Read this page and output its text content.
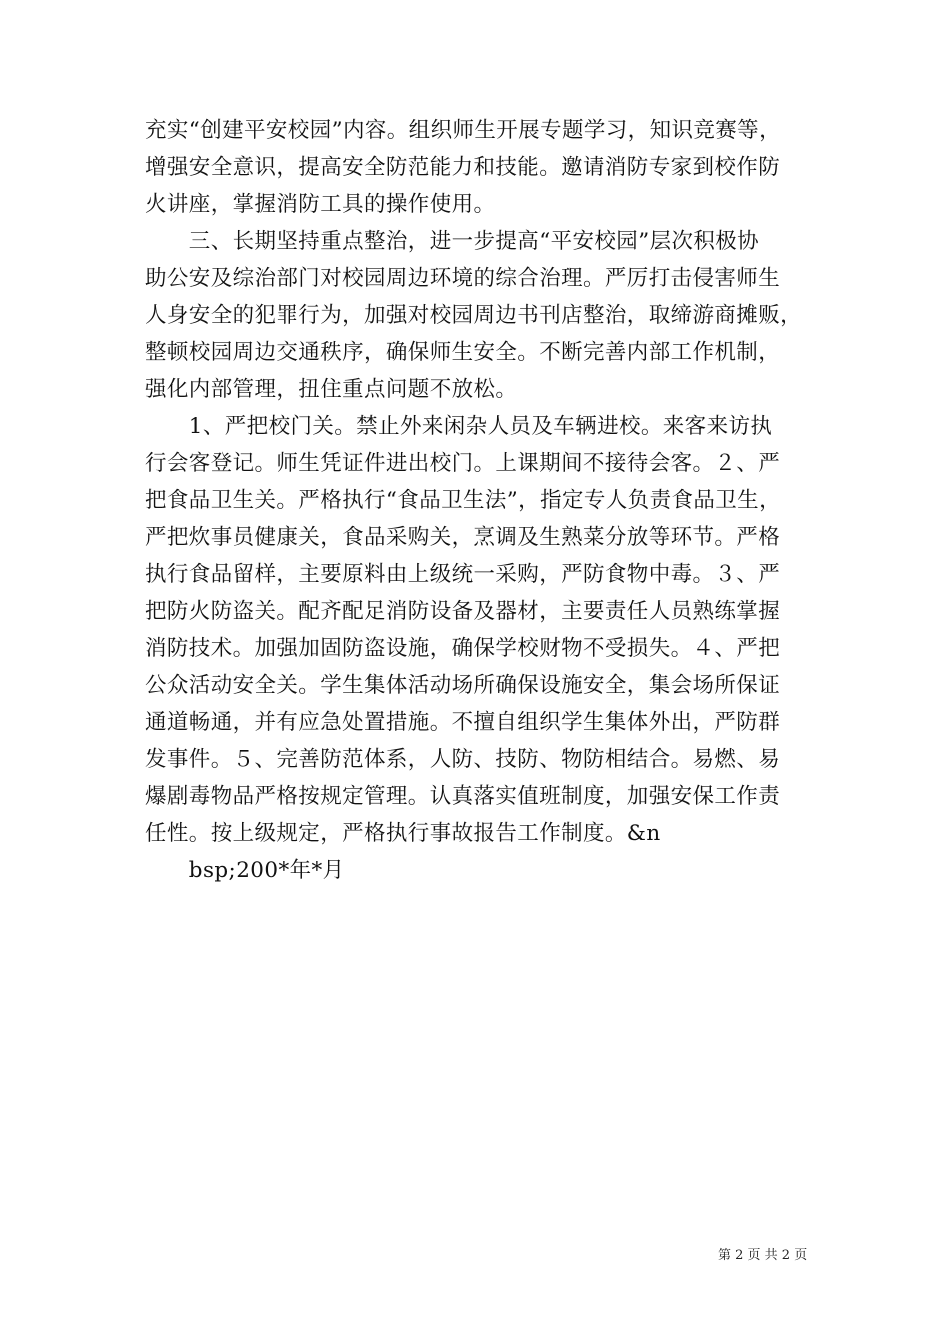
充实“创建平安校园”内容。组织师生开展专题学习，知识竞赛等，
增强安全意识，提高安全防范能力和技能。邀请消防专家到校作防
火讲座，掌握消防工具的操作使用。
　　三、长期坚持重点整治，进一步提高“平安校园”层次积极协
助公安及综治部门对校园周边环境的综合治理。严厉打击侵害师生
人身安全的犯罪行为，加强对校园周边书刊店整治，取缔游商摊贩，
整顿校园周边交通秩序，确保师生安全。不断完善内部工作机制，
强化内部管理，扭住重点问题不放松。
　　1、严把校门关。禁止外来闲杂人员及车辆进校。来客来访执
行会客登记。师生凭证件进出校门。上课期间不接待会客。２、严
把食品卫生关。严格执行“食品卫生法”，指定专人负责食品卫生，
严把炊事员健康关，食品采购关，烹调及生熟菜分放等环节。严格
执行食品留样，主要原料由上级统一采购，严防食物中毒。３、严
把防火防盗关。配齐配足消防设备及器材，主要责任人员熟练掌握
消防技术。加强加固防盗设施，确保学校财物不受损失。４、严把
公众活动安全关。学生集体活动场所确保设施安全，集会场所保证
通道畅通，并有应急处置措施。不擅自组织学生集体外出，严防群
发事件。５、完善防范体系，人防、技防、物防相结合。易燃、易
爆剧毒物品严格按规定管理。认真落实值班制度，加强安保工作责
任性。按上级规定，严格执行事故报告工作制度。&n
　　bsp;200*年*月
第 2 页 共 2 页
